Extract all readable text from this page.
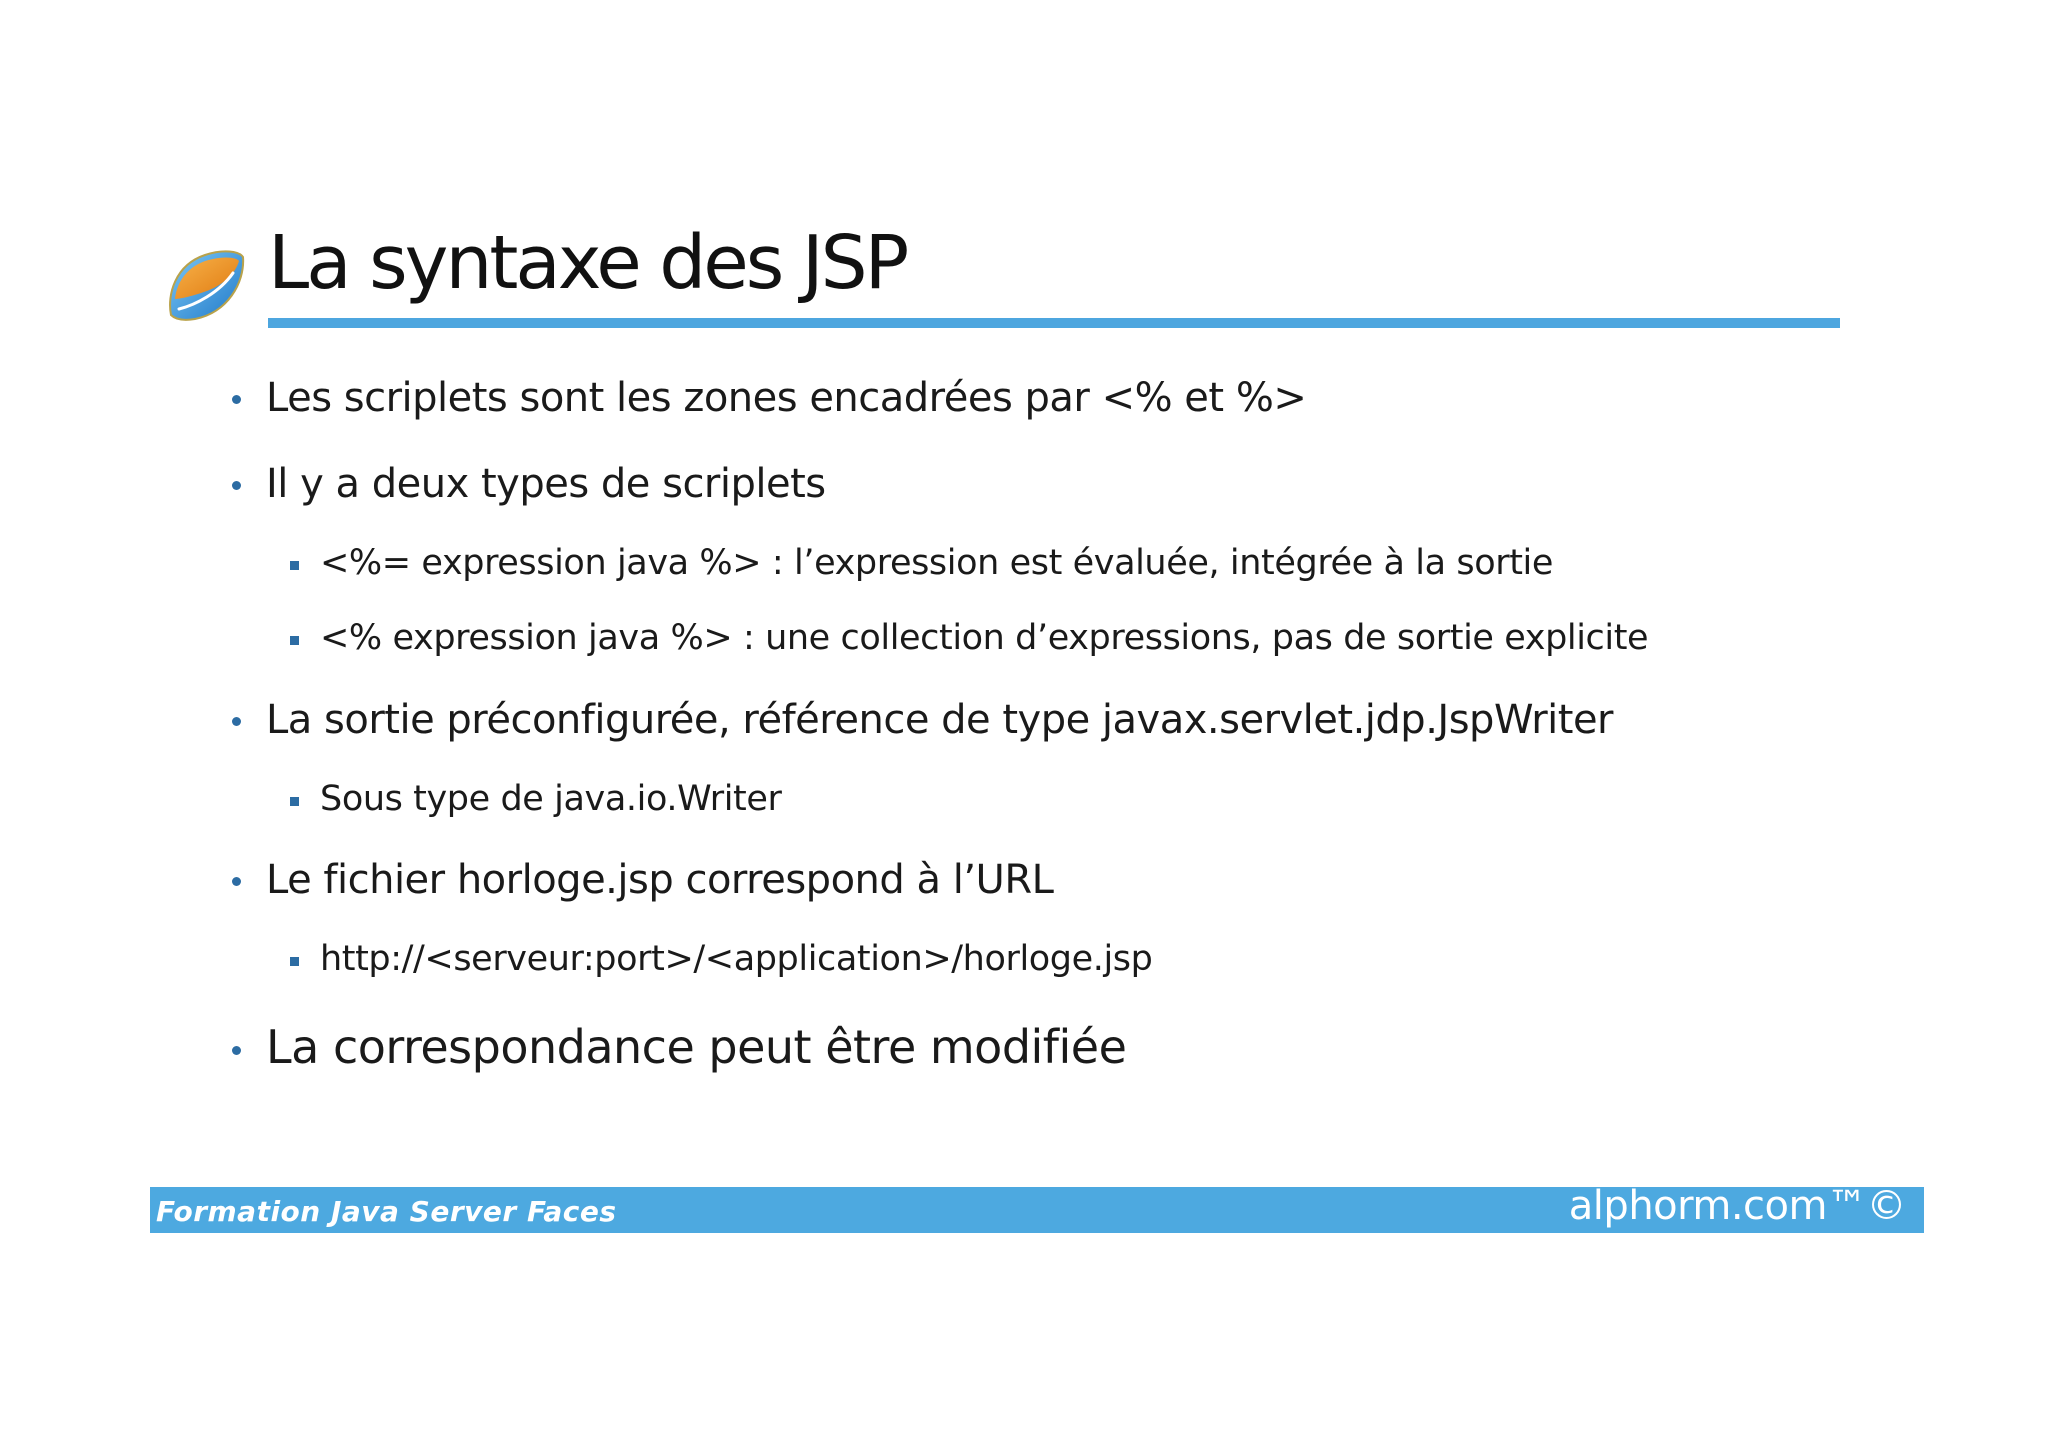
La syntaxe des JSP
Les scriplets sont les zones encadrées par <% et %>
Il y a deux types de scriplets
<%= expression java %> : l’expression est évaluée, intégrée à la sortie
<% expression java %> : une collection d’expressions, pas de sortie explicite
La sortie préconfigurée, référence de type javax.servlet.jdp.JspWriter
Sous type de java.io.Writer
Le fichier horloge.jsp correspond à l’URL
http://<serveur:port>/<application>/horloge.jsp
La correspondance peut être modifiée
Formation Java Server Faces	alphorm.com™©
